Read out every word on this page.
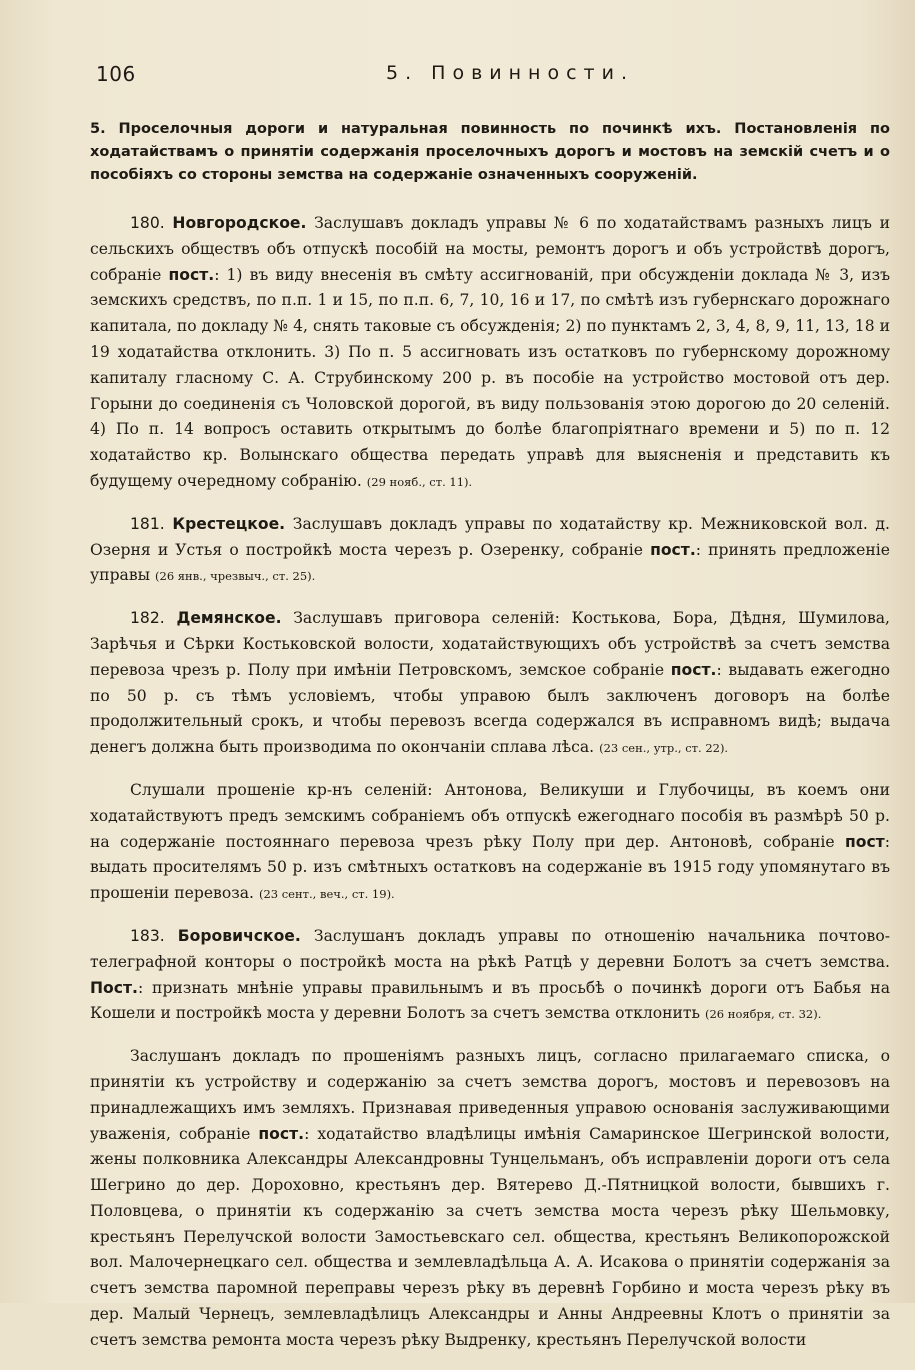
106	5. Повинности.

5. Проселочныя дороги и натуральная повинность по починкѣ ихъ. Постановленія по ходатайствамъ о принятіи содержанія проселочныхъ дорогъ и мостовъ на земскій счетъ и о пособіяхъ со стороны земства на содержаніе означенныхъ сооруженій.

180. Новгородское. Заслушавъ докладъ управы № 6 по ходатайствамъ разныхъ лицъ и сельскихъ обществъ объ отпускѣ пособій на мосты, ремонтъ дорогъ и объ устройствѣ дорогъ, собраніе пост.: 1) въ виду внесенія въ смѣту ассигнованій, при обсужденіи доклада № 3, изъ земскихъ средствъ, по п.п. 1 и 15, по п.п. 6, 7, 10, 16 и 17, по смѣтѣ изъ губернскаго дорожнаго капитала, по докладу № 4, снять таковые съ обсужденія; 2) по пунктамъ 2, 3, 4, 8, 9, 11, 13, 18 и 19 ходатайства отклонить. 3) По п. 5 ассигновать изъ остатковъ по губернскому дорожному капиталу гласному С. А. Струбинскому 200 р. въ пособіе на устройство мостовой отъ дер. Горыни до соединенія съ Чоловской дорогой, въ виду пользованія этою дорогою до 20 селеній. 4) По п. 14 вопросъ оставить открытымъ до болѣе благопріятнаго времени и 5) по п. 12 ходатайство кр. Волынскаго общества передать управѣ для выясненія и представить къ будущему очередному собранію. (29 нояб., ст. 11).

181. Крестецкое. Заслушавъ докладъ управы по ходатайству кр. Межниковской вол. д. Озерня и Устья о постройкѣ моста черезъ р. Озеренку, собраніе пост.: принять предложеніе управы (26 янв., чрезвыч., ст. 25).

182. Демянское. Заслушавъ приговора селеній: Костькова, Бора, Дѣдня, Шумилова, Зарѣчья и Сѣрки Костьковской волости, ходатайствующихъ объ устройствѣ за счетъ земства перевоза чрезъ р. Полу при имѣніи Петровскомъ, земское собраніе пост.: выдавать ежегодно по 50 р. съ тѣмъ условіемъ, чтобы управою былъ заключенъ договоръ на болѣе продолжительный срокъ, и чтобы перевозъ всегда содержался въ исправномъ видѣ; выдача денегъ должна быть производима по окончаніи сплава лѣса. (23 сен., утр., ст. 22).

Слушали прошеніе кр-нъ селеній: Антонова, Великуши и Глубочицы, въ коемъ они ходатайствуютъ предъ земскимъ собраніемъ объ отпускѣ ежегоднаго пособія въ размѣрѣ 50 р. на содержаніе постояннаго перевоза чрезъ рѣку Полу при дер. Антоновѣ, собраніе пост: выдать просителямъ 50 р. изъ смѣтныхъ остатковъ на содержаніе въ 1915 году упомянутаго въ прошеніи перевоза. (23 сент., веч., ст. 19).

183. Боровичское. Заслушанъ докладъ управы по отношенію начальника почтово-телеграфной конторы о постройкѣ моста на рѣкѣ Ратцѣ у деревни Болотъ за счетъ земства. Пост.: признать мнѣніе управы правильнымъ и въ просьбѣ о починкѣ дороги отъ Бабья на Кошели и постройкѣ моста у деревни Болотъ за счетъ земства отклонить (26 ноября, ст. 32).

Заслушанъ докладъ по прошеніямъ разныхъ лицъ, согласно прилагаемаго списка, о принятіи къ устройству и содержанію за счетъ земства дорогъ, мостовъ и перевозовъ на принадлежащихъ имъ земляхъ. Признавая приведенныя управою основанія заслуживающими уваженія, собраніе пост.: ходатайство владѣлицы имѣнія Самаринское Шегринской волости, жены полковника Александры Александровны Тунцельманъ, объ исправленіи дороги отъ села Шегрино до дер. Дороховно, крестьянъ дер. Вятерево Д.-Пятницкой волости, бывшихъ г. Половцева, о принятіи къ содержанію за счетъ земства моста черезъ рѣку Шельмовку, крестьянъ Перелучской волости Замостьевскаго сел. общества, крестьянъ Великопорожской вол. Малочернецкаго сел. общества и землевладѣльца А. А. Исакова о принятіи содержанія за счетъ земства паромной переправы черезъ рѣку въ деревнѣ Горбино и моста черезъ рѣку въ дер. Малый Чернецъ, землевладѣлицъ Александры и Анны Андреевны Клотъ о принятіи за счетъ земства ремонта моста черезъ рѣку Выдренку, крестьянъ Перелучской волости
